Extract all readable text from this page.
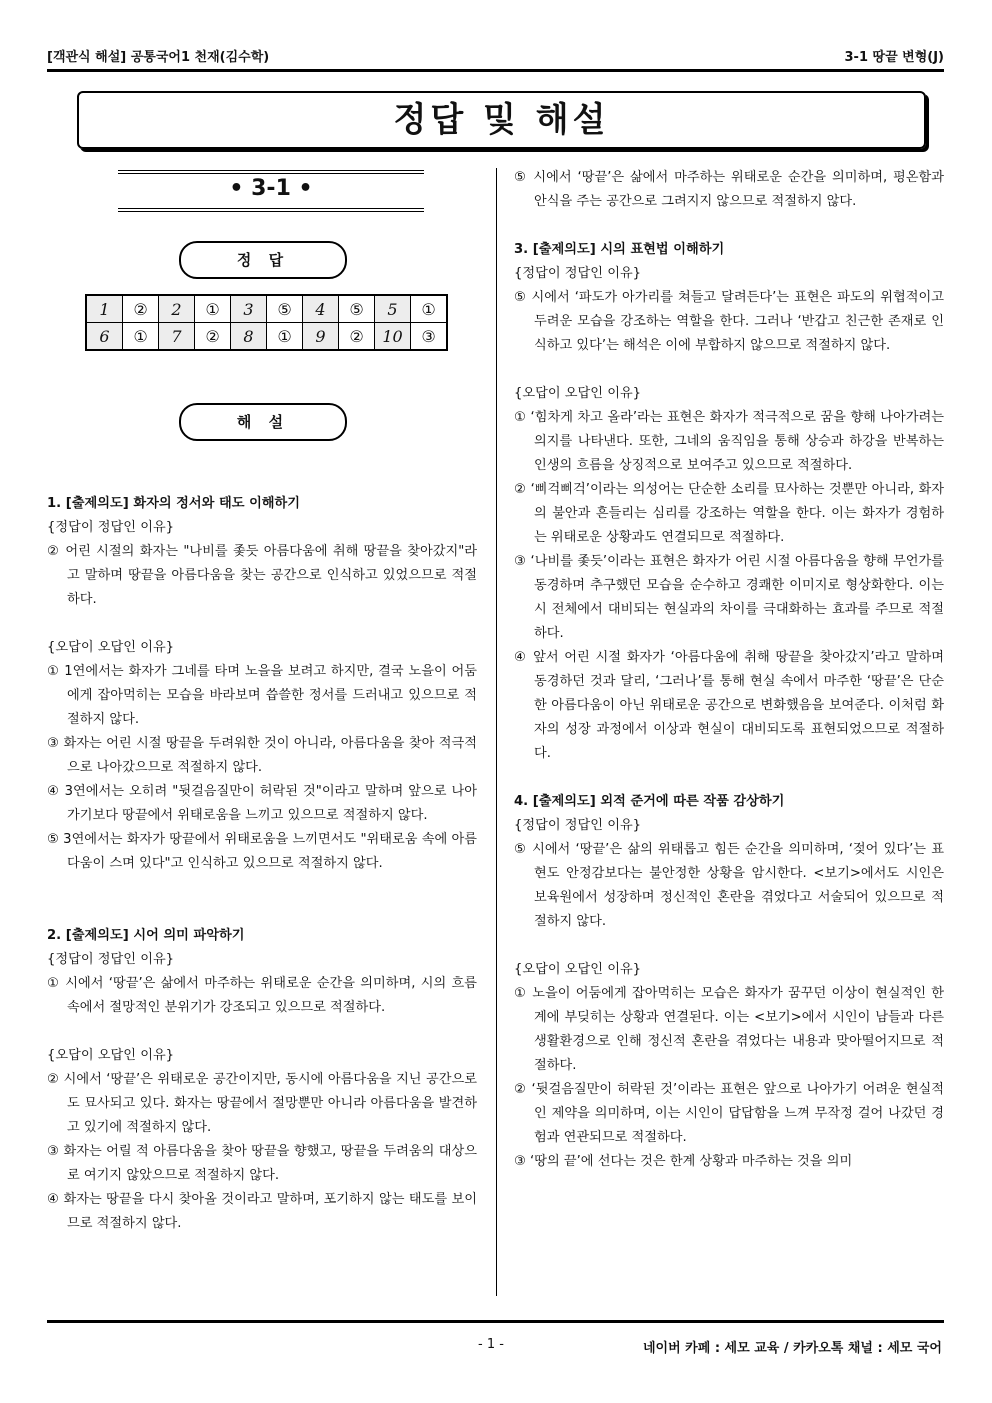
[객관식 해설] 공통국어1 천재(김수학)	3-1 땅끝 변형(J)
정답 및 해설
• 3-1 •
정 답
1	②	2	①	3	⑤	4	⑤	5	①
6	①	7	②	8	①	9	②	10	③
해 설

1. [출제의도] 화자의 정서와 태도 이해하기

{정답이 정답인 이유}

② 어린 시절의 화자는 "나비를 좇듯 아름다움에 취해 땅끝을 찾아갔지"라고 말하며 땅끝을 아름다움을 찾는 공간으로 인식하고 있었으므로 적절하다.

{오답이 오답인 이유}

① 1연에서는 화자가 그네를 타며 노을을 보려고 하지만, 결국 노을이 어둠에게 잡아먹히는 모습을 바라보며 씁쓸한 정서를 드러내고 있으므로 적절하지 않다.

③ 화자는 어린 시절 땅끝을 두려워한 것이 아니라, 아름다움을 찾아 적극적으로 나아갔으므로 적절하지 않다.

④ 3연에서는 오히려 "뒷걸음질만이 허락된 것"이라고 말하며 앞으로 나아가기보다 땅끝에서 위태로움을 느끼고 있으므로 적절하지 않다.

⑤ 3연에서는 화자가 땅끝에서 위태로움을 느끼면서도 "위태로움 속에 아름다움이 스며 있다"고 인식하고 있으므로 적절하지 않다.

2. [출제의도] 시어 의미 파악하기

{정답이 정답인 이유}

① 시에서 ‘땅끝’은 삶에서 마주하는 위태로운 순간을 의미하며, 시의 흐름 속에서 절망적인 분위기가 강조되고 있으므로 적절하다.

{오답이 오답인 이유}

② 시에서 ‘땅끝’은 위태로운 공간이지만, 동시에 아름다움을 지닌 공간으로도 묘사되고 있다. 화자는 땅끝에서 절망뿐만 아니라 아름다움을 발견하고 있기에 적절하지 않다.

③ 화자는 어릴 적 아름다움을 찾아 땅끝을 향했고, 땅끝을 두려움의 대상으로 여기지 않았으므로 적절하지 않다.

④ 화자는 땅끝을 다시 찾아올 것이라고 말하며, 포기하지 않는 태도를 보이므로 적절하지 않다.

⑤ 시에서 ‘땅끝’은 삶에서 마주하는 위태로운 순간을 의미하며, 평온함과 안식을 주는 공간으로 그려지지 않으므로 적절하지 않다.

3. [출제의도] 시의 표현법 이해하기

{정답이 정답인 이유}

⑤ 시에서 ‘파도가 아가리를 쳐들고 달려든다’는 표현은 파도의 위협적이고 두려운 모습을 강조하는 역할을 한다. 그러나 ‘반갑고 친근한 존재로 인식하고 있다’는 해석은 이에 부합하지 않으므로 적절하지 않다.

{오답이 오답인 이유}

① ‘힘차게 차고 올라’라는 표현은 화자가 적극적으로 꿈을 향해 나아가려는 의지를 나타낸다. 또한, 그네의 움직임을 통해 상승과 하강을 반복하는 인생의 흐름을 상징적으로 보여주고 있으므로 적절하다.

② ‘삐걱삐걱’이라는 의성어는 단순한 소리를 묘사하는 것뿐만 아니라, 화자의 불안과 흔들리는 심리를 강조하는 역할을 한다. 이는 화자가 경험하는 위태로운 상황과도 연결되므로 적절하다.

③ ‘나비를 좇듯’이라는 표현은 화자가 어린 시절 아름다움을 향해 무언가를 동경하며 추구했던 모습을 순수하고 경쾌한 이미지로 형상화한다. 이는 시 전체에서 대비되는 현실과의 차이를 극대화하는 효과를 주므로 적절하다.

④ 앞서 어린 시절 화자가 ‘아름다움에 취해 땅끝을 찾아갔지’라고 말하며 동경하던 것과 달리, ‘그러나’를 통해 현실 속에서 마주한 ‘땅끝’은 단순한 아름다움이 아닌 위태로운 공간으로 변화했음을 보여준다. 이처럼 화자의 성장 과정에서 이상과 현실이 대비되도록 표현되었으므로 적절하다.

4. [출제의도] 외적 준거에 따른 작품 감상하기

{정답이 정답인 이유}

⑤ 시에서 ‘땅끝’은 삶의 위태롭고 힘든 순간을 의미하며, ‘젖어 있다’는 표현도 안정감보다는 불안정한 상황을 암시한다. <보기>에서도 시인은 보육원에서 성장하며 정신적인 혼란을 겪었다고 서술되어 있으므로 적절하지 않다.

{오답이 오답인 이유}

① 노을이 어둠에게 잡아먹히는 모습은 화자가 꿈꾸던 이상이 현실적인 한계에 부딪히는 상황과 연결된다. 이는 <보기>에서 시인이 남들과 다른 생활환경으로 인해 정신적 혼란을 겪었다는 내용과 맞아떨어지므로 적절하다.

② ‘뒷걸음질만이 허락된 것’이라는 표현은 앞으로 나아가기 어려운 현실적인 제약을 의미하며, 이는 시인이 답답함을 느껴 무작정 걸어 나갔던 경험과 연관되므로 적절하다.

③ ‘땅의 끝’에 선다는 것은 한계 상황과 마주하는 것을 의미

- 1 -	네이버 카페 : 세모 교육 / 카카오톡 채널 : 세모 국어
